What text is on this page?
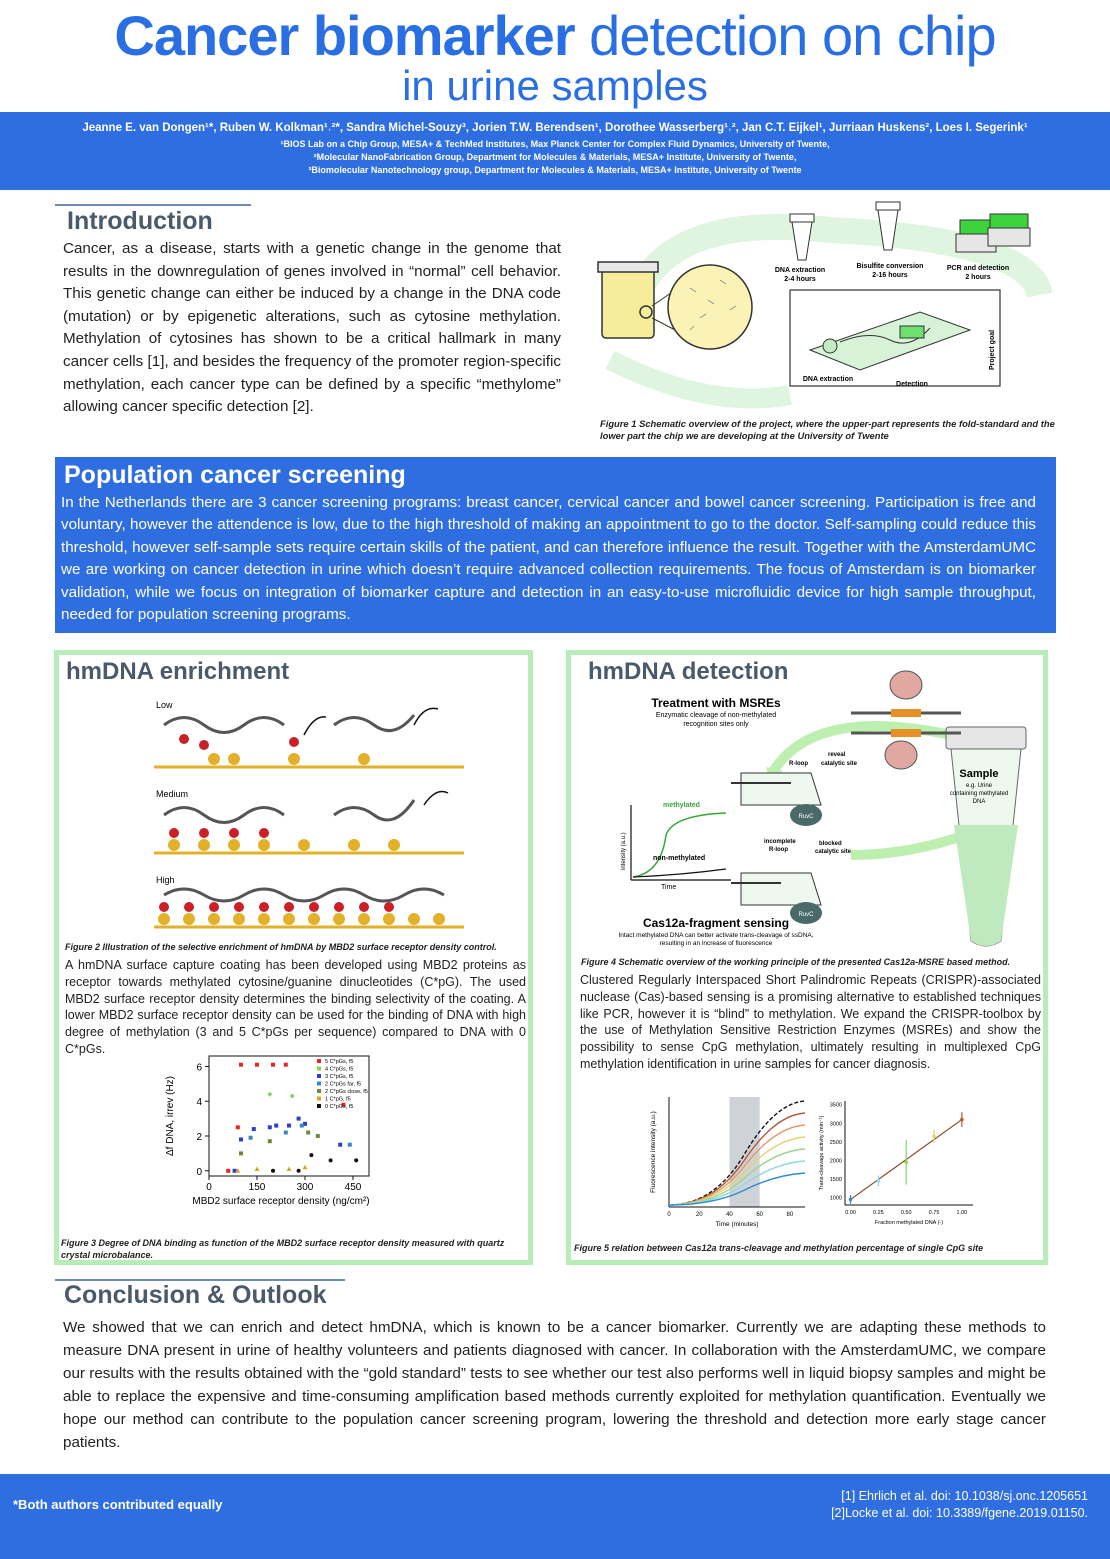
Cancer biomarker detection on chip
in urine samples
Jeanne E. van Dongen¹*, Ruben W. Kolkman¹˒²*, Sandra Michel-Souzy³, Jorien T.W. Berendsen¹, Dorothee Wasserberg¹˒², Jan C.T. Eijkel¹, Jurriaan Huskens², Loes I. Segerink¹
¹BIOS Lab on a Chip Group, MESA+ & TechMed Institutes, Max Planck Center for Complex Fluid Dynamics, University of Twente,
²Molecular NanoFabrication Group, Department for Molecules & Materials, MESA+ Institute, University of Twente,
³Biomolecular Nanotechnology group, Department for Molecules & Materials, MESA+ Institute, University of Twente
Introduction
Cancer, as a disease, starts with a genetic change in the genome that results in the downregulation of genes involved in “normal” cell behavior. This genetic change can either be induced by a change in the DNA code (mutation) or by epigenetic alterations, such as cytosine methylation. Methylation of cytosines has shown to be a critical hallmark in many cancer cells [1], and besides the frequency of the promoter region-specific methylation, each cancer type can be defined by a specific “methylome” allowing cancer specific detection [2].
DNA extraction
2-4 hours
Bisulfite conversion
2-16 hours
PCR and detection
2 hours
DNA extraction
Detection
Project goal
Figure 1 Schematic overview of the project, where the upper-part represents the fold-standard and the lower part the chip we are developing at the University of Twente
Population cancer screening
In the Netherlands there are 3 cancer screening programs: breast cancer, cervical cancer and bowel cancer screening. Participation is free and voluntary, however the attendence is low, due to the high threshold of making an appointment to go to the doctor. Self-sampling could reduce this threshold, however self-sample sets require certain skills of the patient, and can therefore influence the result. Together with the AmsterdamUMC we are working on cancer detection in urine which doesn’t require advanced collection requirements. The focus of Amsterdam is on biomarker validation, while we focus on integration of biomarker capture and detection in an easy-to-use microfluidic device for high sample throughput, needed for population screening programs.
hmDNA enrichment
Low
Medium
High
Figure 2 Illustration of the selective enrichment of hmDNA by MBD2 surface receptor density control.
A hmDNA surface capture coating has been developed using MBD2 proteins as receptor towards methylated cytosine/guanine dinucleotides (C*pG). The used MBD2 surface receptor density determines the binding selectivity of the coating. A lower MBD2 surface receptor density can be used for the binding of DNA with high degree of methylation (3 and 5 C*pGs per sequence) compared to DNA with 0 C*pGs.
0	150	300	450
0
2
4
6
MBD2 surface receptor density (ng/cm²)
Δf DNA, irrev (Hz)
5 C*pGs, f5
4 C*pGs, f5
3 C*pGs, f5
2 C*pGs far, f5
2 C*pGs close, f5
1 C*pG, f5
0 C*pGs, f5
Figure 3 Degree of DNA binding as function of the MBD2 surface receptor density measured with quartz crystal microbalance.
hmDNA detection
Sample
e.g. Urine
containing methylated
DNA
Treatment with MSREs
Enzymatic cleavage of non-methylated
recognition sites only
RuvC
R-loop
reveal
catalytic site
RuvC
incomplete
R-loop
blocked
catalytic site
methylated
non-methylated
intensity (a.u.)
Time
Cas12a-fragment sensing
Intact methylated DNA can better activate trans-cleavage of ssDNA,
resulting in an increase of fluorescence
Figure 4 Schematic overview of the working principle of the presented Cas12a-MSRE based method.
Clustered Regularly Interspaced Short Palindromic Repeats (CRISPR)-associated nuclease (Cas)-based sensing is a promising alternative to established techniques like PCR, however it is “blind” to methylation. We expand the CRISPR-toolbox by the use of Methylation Sensitive Restriction Enzymes (MSREs) and show the possibility to sense CpG methylation, ultimately resulting in multiplexed CpG methylation identification in urine samples for cancer diagnosis.
0	20	40	60	80
Time (minutes)
Fluorescence intensity (a.u.)
0.00	0.25	0.50	0.75	1.00
1000
1500
2000
2500
3000
3500
Fraction methylated DNA (-)
Trans-cleavage activity (min⁻¹)
Figure 5 relation between Cas12a trans-cleavage and methylation percentage of single CpG site
Conclusion & Outlook
We showed that we can enrich and detect hmDNA, which is known to be a cancer biomarker. Currently we are adapting these methods to measure DNA present in urine of healthy volunteers and patients diagnosed with cancer. In collaboration with the AmsterdamUMC, we compare our results with the results obtained with the “gold standard” tests to see whether our test also performs well in liquid biopsy samples and might be able to replace the expensive and time-consuming amplification based methods currently exploited for methylation quantification. Eventually we hope our method can contribute to the population cancer screening program, lowering the threshold and detection more early stage cancer patients.
*Both authors contributed equally
[1] Ehrlich et al. doi: 10.1038/sj.onc.1205651
[2]Locke et al. doi: 10.3389/fgene.2019.01150.
